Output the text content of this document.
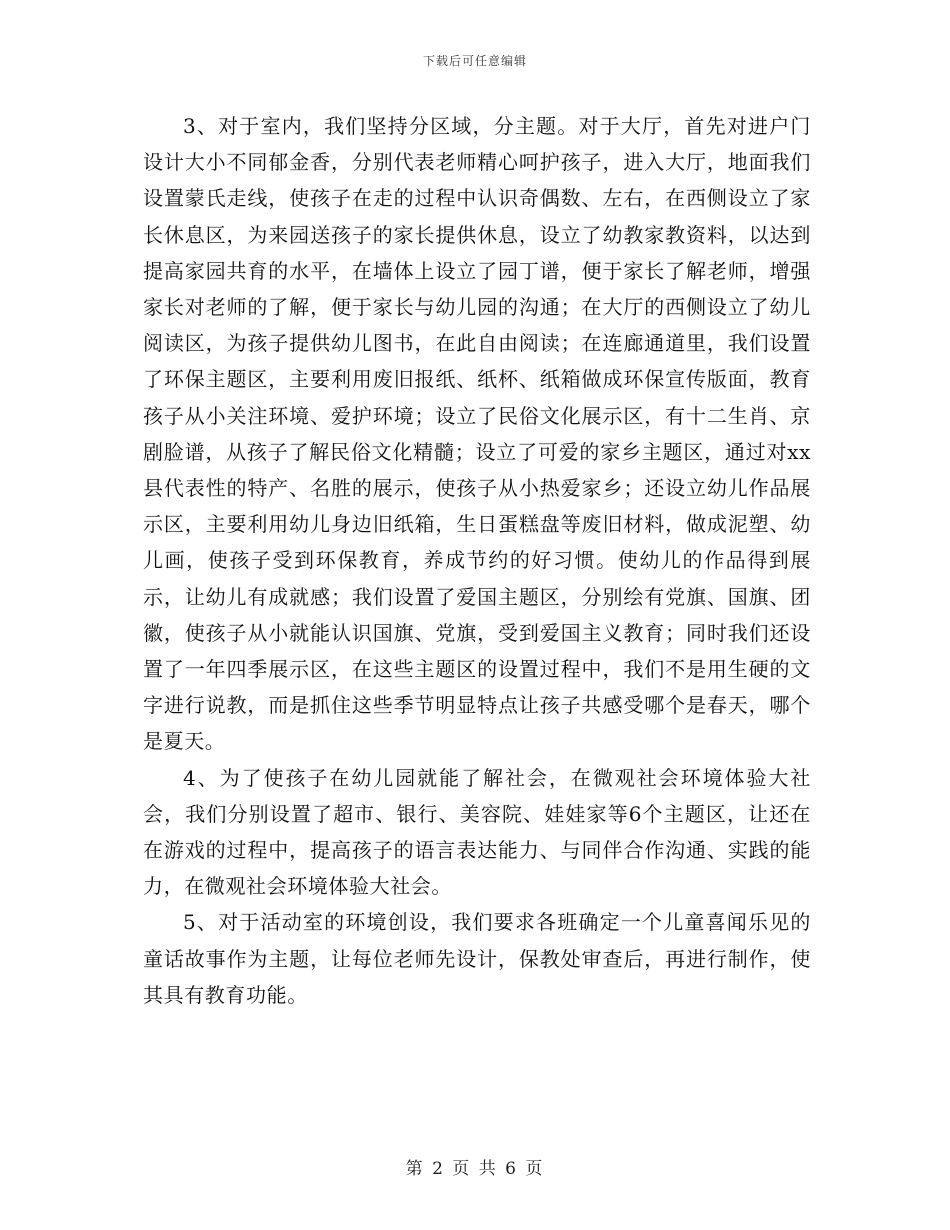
下载后可任意编辑

3、对于室内，我们坚持分区域，分主题。对于大厅，首先对进户门设计大小不同郁金香，分别代表老师精心呵护孩子，进入大厅，地面我们设置蒙氏走线，使孩子在走的过程中认识奇偶数、左右，在西侧设立了家长休息区，为来园送孩子的家长提供休息，设立了幼教家教资料，以达到提高家园共育的水平，在墙体上设立了园丁谱，便于家长了解老师，增强家长对老师的了解，便于家长与幼儿园的沟通；在大厅的西侧设立了幼儿阅读区，为孩子提供幼儿图书，在此自由阅读；在连廊通道里，我们设置了环保主题区，主要利用废旧报纸、纸杯、纸箱做成环保宣传版面，教育孩子从小关注环境、爱护环境；设立了民俗文化展示区，有十二生肖、京剧脸谱，从孩子了解民俗文化精髓；设立了可爱的家乡主题区，通过对xx县代表性的特产、名胜的展示，使孩子从小热爱家乡；还设立幼儿作品展示区，主要利用幼儿身边旧纸箱，生日蛋糕盘等废旧材料，做成泥塑、幼儿画，使孩子受到环保教育，养成节约的好习惯。使幼儿的作品得到展示，让幼儿有成就感；我们设置了爱国主题区，分别绘有党旗、国旗、团徽，使孩子从小就能认识国旗、党旗，受到爱国主义教育；同时我们还设置了一年四季展示区，在这些主题区的设置过程中，我们不是用生硬的文字进行说教，而是抓住这些季节明显特点让孩子共感受哪个是春天，哪个是夏天。

4、为了使孩子在幼儿园就能了解社会，在微观社会环境体验大社会，我们分别设置了超市、银行、美容院、娃娃家等6个主题区，让还在在游戏的过程中，提高孩子的语言表达能力、与同伴合作沟通、实践的能力，在微观社会环境体验大社会。

5、对于活动室的环境创设，我们要求各班确定一个儿童喜闻乐见的童话故事作为主题，让每位老师先设计，保教处审查后，再进行制作，使其具有教育功能。

第 2 页 共 6 页
